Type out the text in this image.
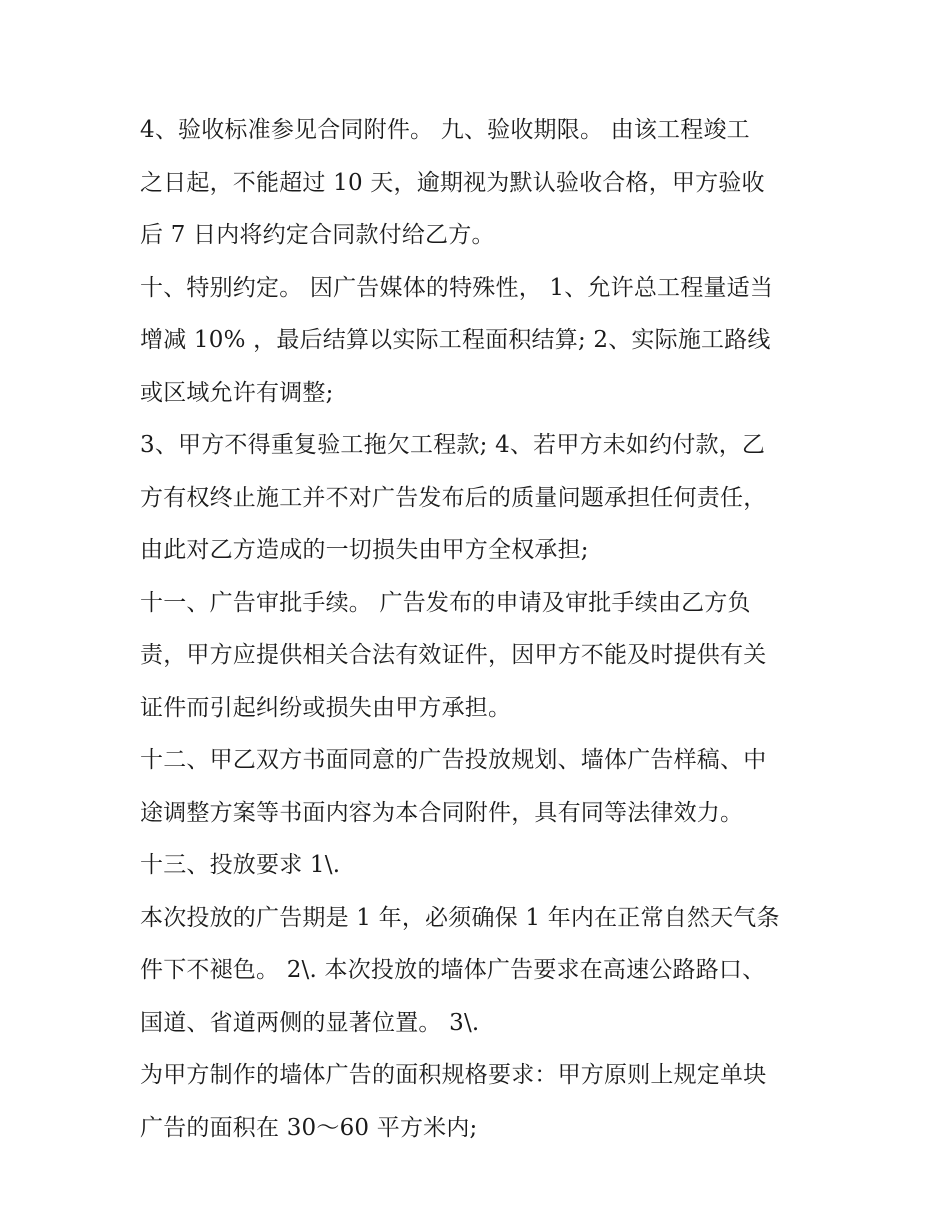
4、验收标准参见合同附件。 九、验收期限。 由该工程竣工
之日起，不能超过 10 天，逾期视为默认验收合格，甲方验收
后 7 日内将约定合同款付给乙方。
十、特别约定。 因广告媒体的特殊性， 1、允许总工程量适当
增减 10% ，最后结算以实际工程面积结算; 2、实际施工路线
或区域允许有调整;
3、甲方不得重复验工拖欠工程款; 4、若甲方未如约付款，乙
方有权终止施工并不对广告发布后的质量问题承担任何责任，
由此对乙方造成的一切损失由甲方全权承担;
十一、广告审批手续。 广告发布的申请及审批手续由乙方负
责，甲方应提供相关合法有效证件，因甲方不能及时提供有关
证件而引起纠纷或损失由甲方承担。
十二、甲乙双方书面同意的广告投放规划、墙体广告样稿、中
途调整方案等书面内容为本合同附件，具有同等法律效力。
十三、投放要求 1\.
本次投放的广告期是 1 年，必须确保 1 年内在正常自然天气条
件下不褪色。 2\. 本次投放的墙体广告要求在高速公路路口、
国道、省道两侧的显著位置。 3\.
为甲方制作的墙体广告的面积规格要求：甲方原则上规定单块
广告的面积在 30～60 平方米内;
